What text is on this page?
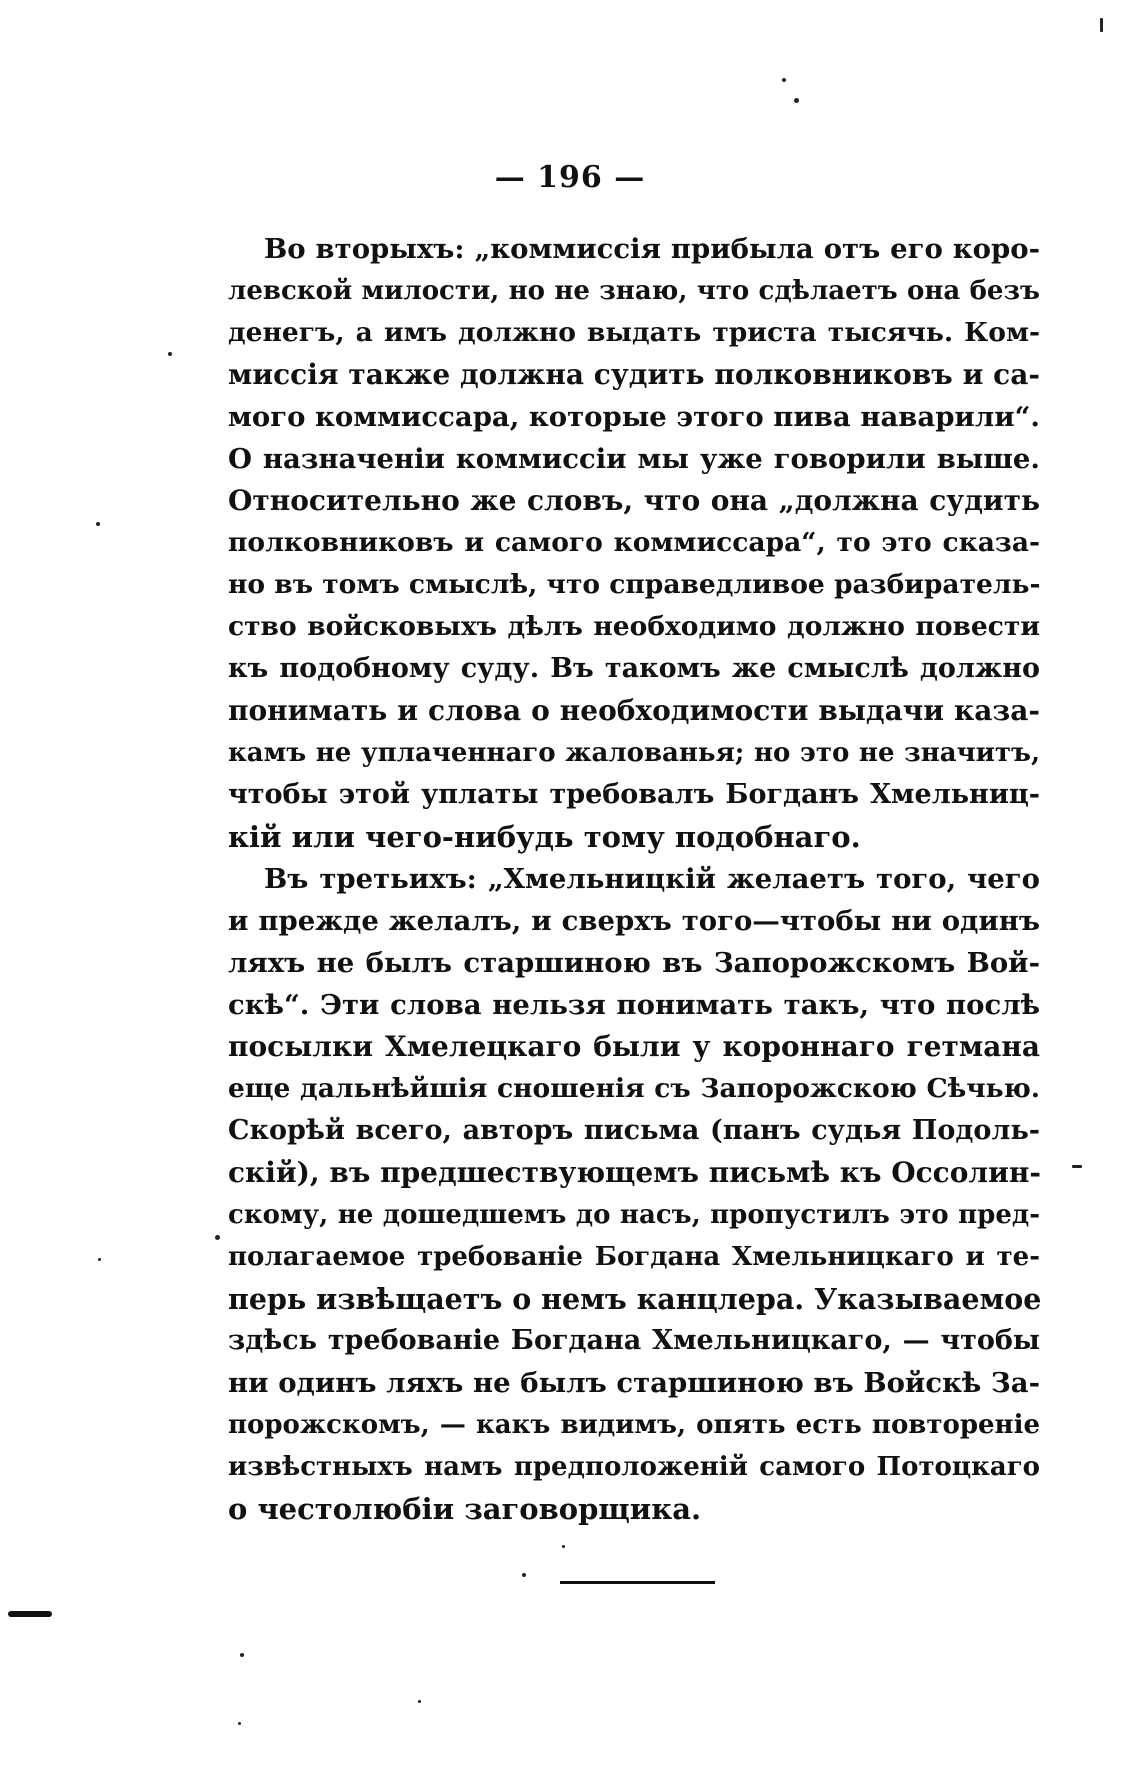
— 196 —
Во вторыхъ: „коммиссія прибыла отъ его коро-
левской милости, но не знаю, что сдѣлаетъ она безъ
денегъ, а имъ должно выдать триста тысячь. Ком-
миссія также должна судить полковниковъ и са-
мого коммиссара, которые этого пива наварили“.
О назначеніи коммиссіи мы уже говорили выше.
Относительно же словъ, что она „должна судить
полковниковъ и самого коммиссара“, то это сказа-
но въ томъ смыслѣ, что справедливое разбиратель-
ство войсковыхъ дѣлъ необходимо должно повести
къ подобному суду. Въ такомъ же смыслѣ должно
понимать и слова о необходимости выдачи каза-
камъ не уплаченнаго жалованья; но это не значитъ,
чтобы этой уплаты требовалъ Богданъ Хмельниц-
кій или чего-нибудь тому подобнаго.
Въ третьихъ: „Хмельницкій желаетъ того, чего
и прежде желалъ, и сверхъ того—чтобы ни одинъ
ляхъ не былъ старшиною въ Запорожскомъ Вой-
скѣ“. Эти слова нельзя понимать такъ, что послѣ
посылки Хмелецкаго были у короннаго гетмана
еще дальнѣйшія сношенія съ Запорожскою Сѣчью.
Скорѣй всего, авторъ письма (панъ судья Подоль-
скій), въ предшествующемъ письмѣ къ Оссолин-
скому, не дошедшемъ до насъ, пропустилъ это пред-
полагаемое требованіе Богдана Хмельницкаго и те-
перь извѣщаетъ о немъ канцлера. Указываемое
здѣсь требованіе Богдана Хмельницкаго, — чтобы
ни одинъ ляхъ не былъ старшиною въ Войскѣ За-
порожскомъ, — какъ видимъ, опять есть повтореніе
извѣстныхъ намъ предположеній самого Потоцкаго
о честолюбіи заговорщика.
